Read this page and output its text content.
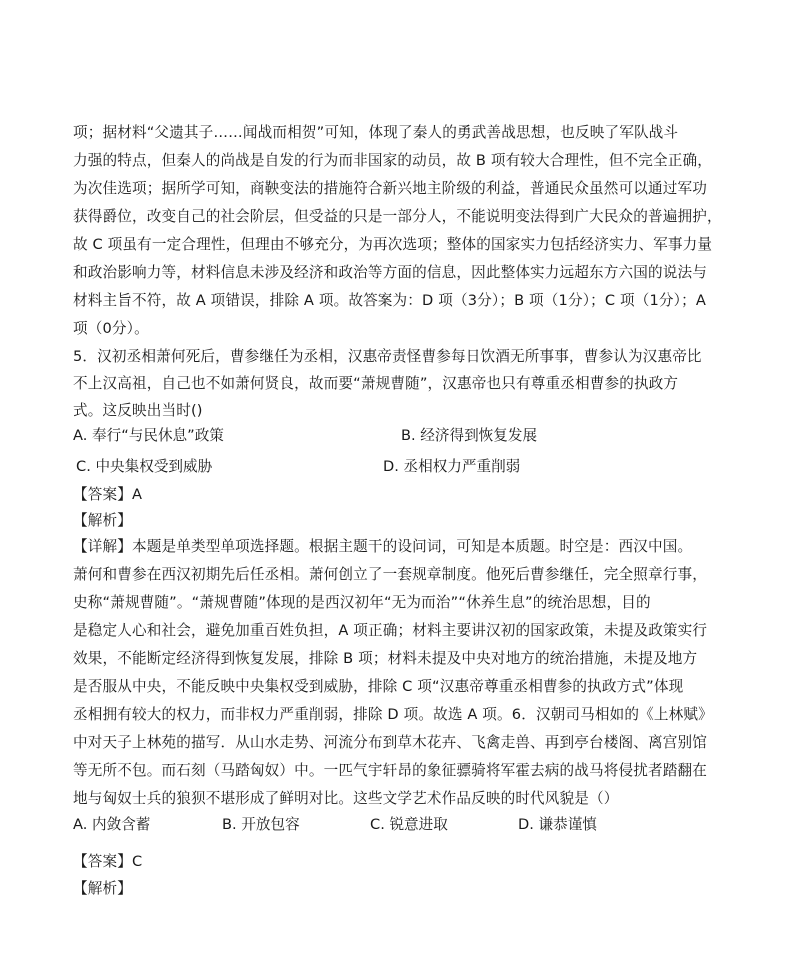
项；据材料“父遗其子……闻战而相贺”可知，体现了秦人的勇武善战思想，也反映了军队战斗
力强的特点，但秦人的尚战是自发的行为而非国家的动员，故 B 项有较大合理性，但不完全正确，
为次佳选项；据所学可知，商鞅变法的措施符合新兴地主阶级的利益，普通民众虽然可以通过军功
获得爵位，改变自己的社会阶层，但受益的只是一部分人，不能说明变法得到广大民众的普遍拥护，
故 C 项虽有一定合理性，但理由不够充分，为再次选项；整体的国家实力包括经济实力、军事力量
和政治影响力等，材料信息未涉及经济和政治等方面的信息，因此整体实力远超东方六国的说法与
材料主旨不符，故 A 项错误，排除 A 项。故答案为：D 项（3分）；B 项（1分）；C 项（1分）；A
项（0分）。
5．汉初丞相萧何死后，曹参继任为丞相，汉惠帝责怪曹参每日饮酒无所事事，曹参认为汉惠帝比
不上汉高祖，自己也不如萧何贤良，故而要“萧规曹随”，汉惠帝也只有尊重丞相曹参的执政方
式。这反映出当时()
A. 奉行“与民休息”政策	B. 经济得到恢复发展
C. 中央集权受到威胁	D. 丞相权力严重削弱
【答案】A
【解析】
【详解】本题是单类型单项选择题。根据主题干的设问词，可知是本质题。时空是：西汉中国。
萧何和曹参在西汉初期先后任丞相。萧何创立了一套规章制度。他死后曹参继任，完全照章行事，
史称“萧规曹随”。“萧规曹随”体现的是西汉初年“无为而治”“休养生息”的统治思想，目的
是稳定人心和社会，避免加重百姓负担，A 项正确；材料主要讲汉初的国家政策，未提及政策实行
效果，不能断定经济得到恢复发展，排除 B 项；材料未提及中央对地方的统治措施，未提及地方
是否服从中央，不能反映中央集权受到威胁，排除 C 项“汉惠帝尊重丞相曹参的执政方式”体现
丞相拥有较大的权力，而非权力严重削弱，排除 D 项。故选 A 项。6．汉朝司马相如的《上林赋》
中对天子上林苑的描写．从山水走势、河流分布到草木花卉、飞禽走兽、再到亭台楼阁、离宫别馆
等无所不包。而石刻（马踏匈奴）中。一匹气宇轩昂的象征骠骑将军霍去病的战马将侵扰者踏翻在
地与匈奴士兵的狼狈不堪形成了鲜明对比。这些文学艺术作品反映的时代风貌是（）
A. 内敛含蓄	B. 开放包容	C. 锐意进取	D. 谦恭谨慎
【答案】C
【解析】
